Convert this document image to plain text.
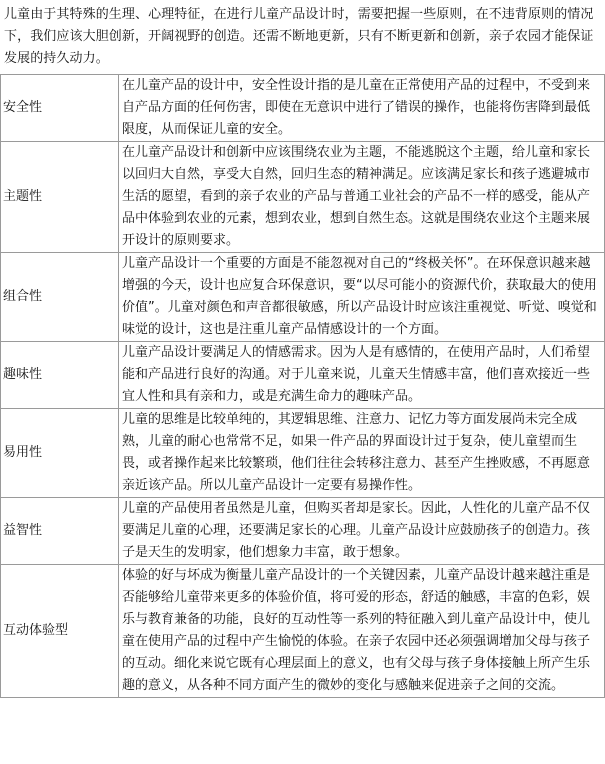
儿童由于其特殊的生理、心理特征，在进行儿童产品设计时，需要把握一些原则，在不违背原则的情况下，我们应该大胆创新，开阔视野的创造。还需不断地更新，只有不断更新和创新，亲子农园才能保证发展的持久动力。
安全性	在儿童产品的设计中，安全性设计指的是儿童在正常使用产品的过程中，不受到来自产品方面的任何伤害，即使在无意识中进行了错误的操作，也能将伤害降到最低限度，从而保证儿童的安全。
主题性	在儿童产品设计和创新中应该围绕农业为主题，不能逃脱这个主题，给儿童和家长以回归大自然，享受大自然，回归生态的精神满足。应该满足家长和孩子逃避城市生活的愿望，看到的亲子农业的产品与普通工业社会的产品不一样的感受，能从产品中体验到农业的元素，想到农业，想到自然生态。这就是围绕农业这个主题来展开设计的原则要求。
组合性	儿童产品设计一个重要的方面是不能忽视对自己的“终极关怀”。在环保意识越来越增强的今天，设计也应复合环保意识，要“以尽可能小的资源代价，获取最大的使用价值”。儿童对颜色和声音都很敏感，所以产品设计时应该注重视觉、听觉、嗅觉和味觉的设计，这也是注重儿童产品情感设计的一个方面。
趣味性	儿童产品设计要满足人的情感需求。因为人是有感情的，在使用产品时，人们希望能和产品进行良好的沟通。对于儿童来说，儿童天生情感丰富，他们喜欢接近一些宜人性和具有亲和力，或是充满生命力的趣味产品。
易用性	儿童的思维是比较单纯的，其逻辑思维、注意力、记忆力等方面发展尚未完全成熟，儿童的耐心也常常不足，如果一件产品的界面设计过于复杂，使儿童望而生畏，或者操作起来比较繁琐，他们往往会转移注意力、甚至产生挫败感，不再愿意亲近该产品。所以儿童产品设计一定要有易操作性。
益智性	儿童的产品使用者虽然是儿童，但购买者却是家长。因此，人性化的儿童产品不仅要满足儿童的心理，还要满足家长的心理。儿童产品设计应鼓励孩子的创造力。孩子是天生的发明家，他们想象力丰富，敢于想象。
互动体验型	体验的好与坏成为衡量儿童产品设计的一个关键因素，儿童产品设计越来越注重是否能够给儿童带来更多的体验价值，将可爱的形态，舒适的触感，丰富的色彩，娱乐与教育兼备的功能，良好的互动性等一系列的特征融入到儿童产品设计中，使儿童在使用产品的过程中产生愉悦的体验。在亲子农园中还必须强调增加父母与孩子的互动。细化来说它既有心理层面上的意义，也有父母与孩子身体接触上所产生乐趣的意义，从各种不同方面产生的微妙的变化与感触来促进亲子之间的交流。
